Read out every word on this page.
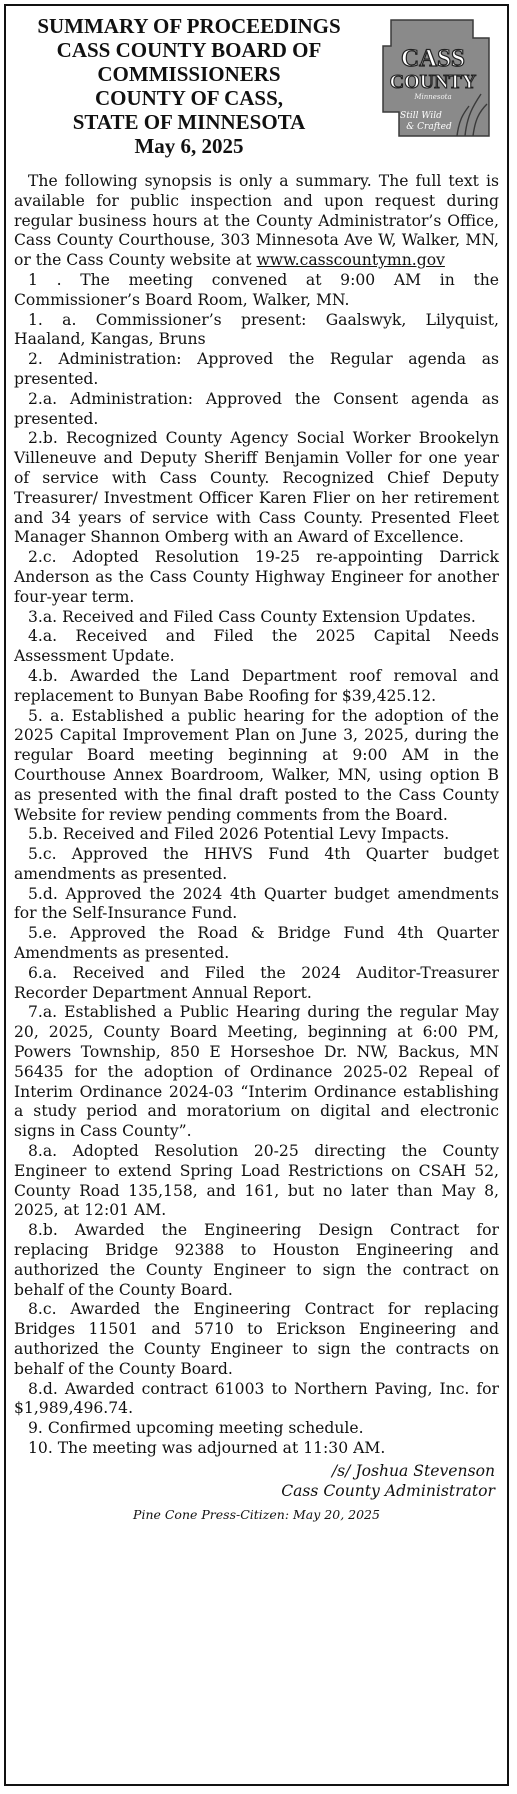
SUMMARY OF PROCEEDINGS
CASS COUNTY BOARD OF
COMMISSIONERS
COUNTY OF CASS,
STATE OF MINNESOTA
May 6, 2025
CASS
COUNTY
Minnesota
Still Wild
& Crafted

The following synopsis is only a summary. The full text is available for public inspection and upon request during regular business hours at the County Administrator’s Office, Cass County Courthouse, 303 Minnesota Ave W, Walker, MN, or the Cass County website at www.casscountymn.gov

1 . The meeting convened at 9:00 AM in the Commissioner’s Board Room, Walker, MN.

1. a. Commissioner’s present: Gaalswyk, Lilyquist, Haaland, Kangas, Bruns

2. Administration: Approved the Regular agenda as presented.

2.a. Administration: Approved the Consent agenda as presented.

2.b. Recognized County Agency Social Worker Brookelyn Villeneuve and Deputy Sheriff Benjamin Voller for one year of service with Cass County. Recognized Chief Deputy Treasurer/ Investment Officer Karen Flier on her retirement and 34 years of service with Cass County. Presented Fleet Manager Shannon Omberg with an Award of Excellence.

2.c. Adopted Resolution 19-25 re-appointing Darrick Anderson as the Cass County Highway Engineer for another four-year term.

3.a. Received and Filed Cass County Extension Updates.

4.a. Received and Filed the 2025 Capital Needs Assessment Update.

4.b. Awarded the Land Department roof removal and replacement to Bunyan Babe Roofing for $39,425.12.

5. a. Established a public hearing for the adoption of the 2025 Capital Improvement Plan on June 3, 2025, during the regular Board meeting beginning at 9:00 AM in the Courthouse Annex Boardroom, Walker, MN, using option B as presented with the final draft posted to the Cass County Website for review pending comments from the Board.

5.b. Received and Filed 2026 Potential Levy Impacts.

5.c. Approved the HHVS Fund 4th Quarter budget amendments as presented.

5.d. Approved the 2024 4th Quarter budget amendments for the Self-Insurance Fund.

5.e. Approved the Road & Bridge Fund 4th Quarter Amendments as presented.

6.a. Received and Filed the 2024 Auditor-Treasurer Recorder Department Annual Report.

7.a. Established a Public Hearing during the regular May 20, 2025, County Board Meeting, beginning at 6:00 PM, Powers Township, 850 E Horseshoe Dr. NW, Backus, MN 56435 for the adoption of Ordinance 2025-02 Repeal of Interim Ordinance 2024-03 “Interim Ordinance establishing a study period and moratorium on digital and electronic signs in Cass County”.

8.a. Adopted Resolution 20-25 directing the County Engineer to extend Spring Load Restrictions on CSAH 52, County Road 135,158, and 161, but no later than May 8, 2025, at 12:01 AM.

8.b. Awarded the Engineering Design Contract for replacing Bridge 92388 to Houston Engineering and authorized the County Engineer to sign the contract on behalf of the County Board.

8.c. Awarded the Engineering Contract for replacing Bridges 11501 and 5710 to Erickson Engineering and authorized the County Engineer to sign the contracts on behalf of the County Board.

8.d. Awarded contract 61003 to Northern Paving, Inc. for $1,989,496.74.

9. Confirmed upcoming meeting schedule.

10. The meeting was adjourned at 11:30 AM.

/s/ Joshua Stevenson
Cass County Administrator
Pine Cone Press-Citizen: May 20, 2025
